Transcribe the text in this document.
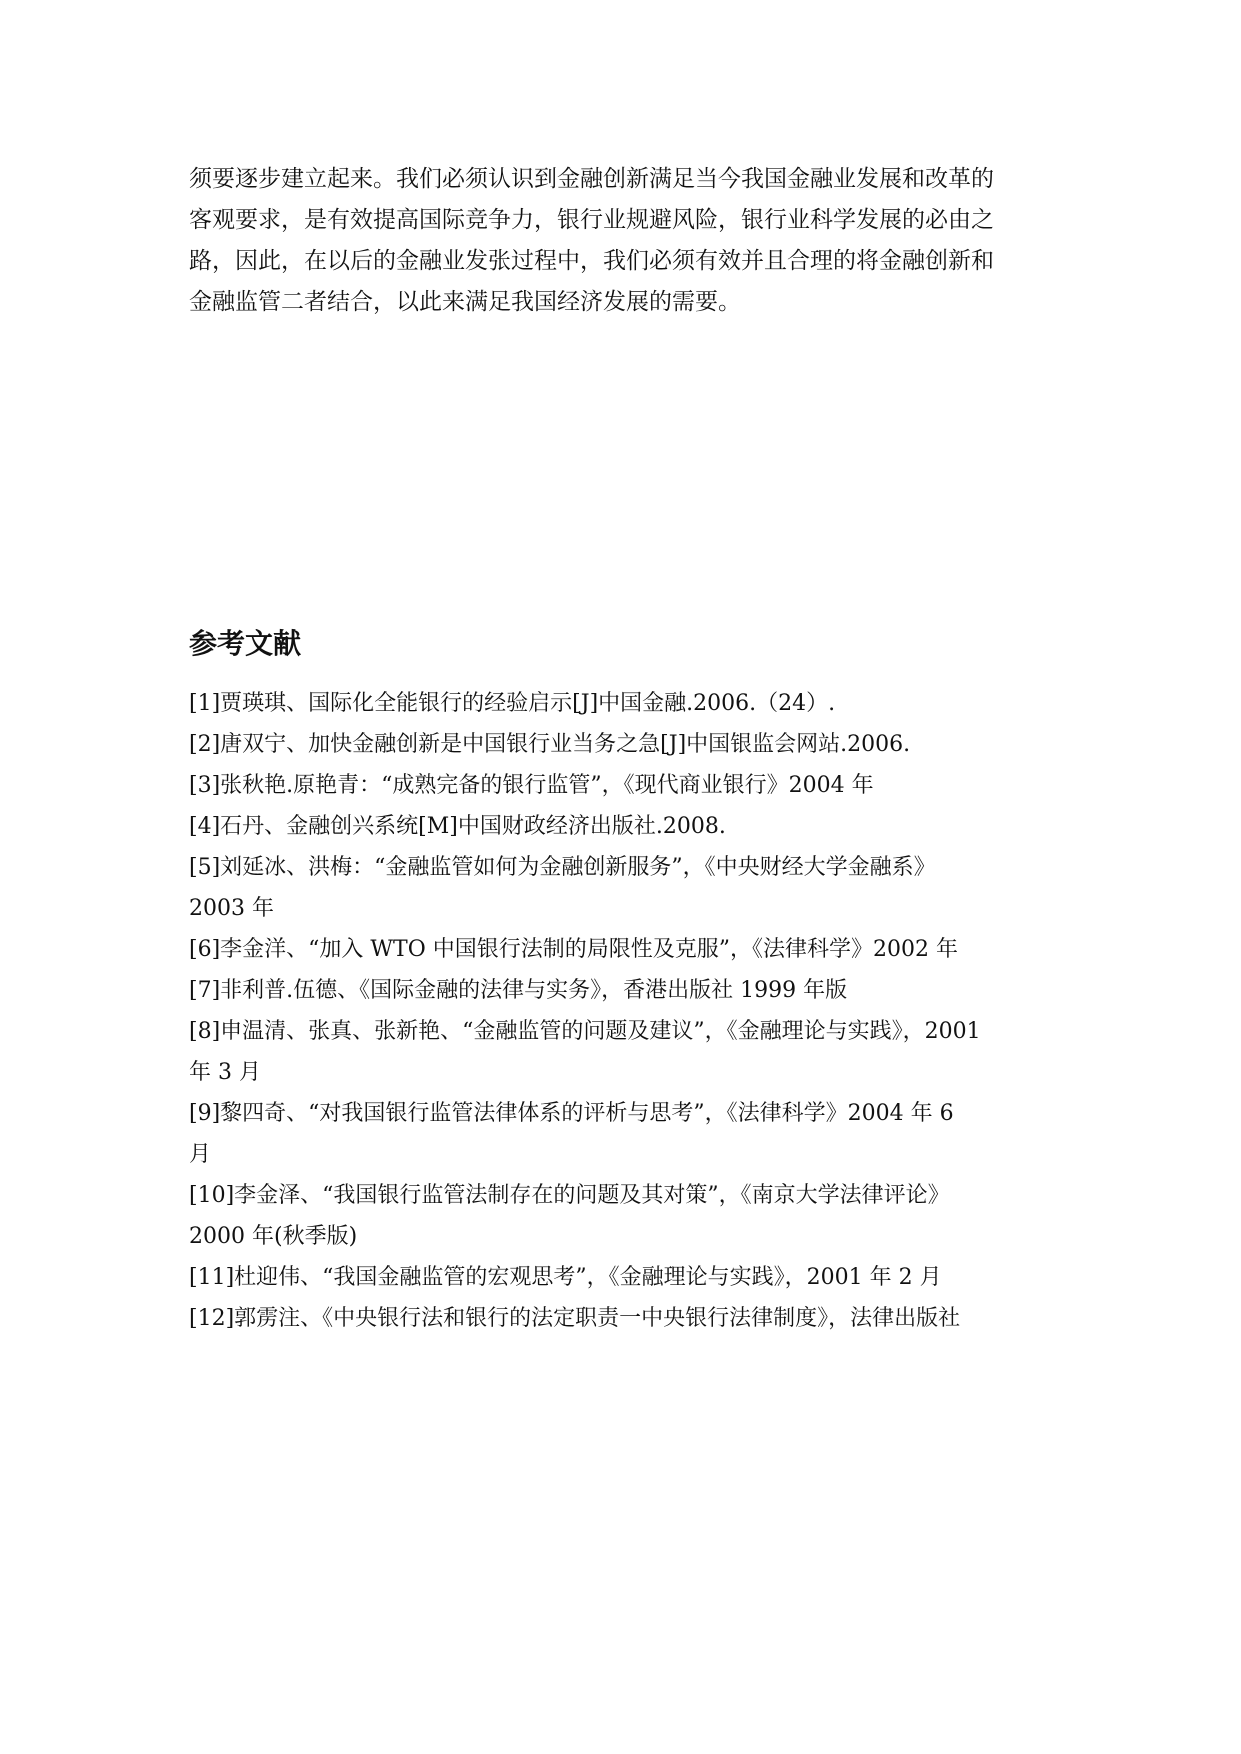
须要逐步建立起来。我们必须认识到金融创新满足当今我国金融业发展和改革的
客观要求，是有效提高国际竞争力，银行业规避风险，银行业科学发展的必由之
路，因此，在以后的金融业发张过程中，我们必须有效并且合理的将金融创新和
金融监管二者结合，以此来满足我国经济发展的需要。

参考文献
[1]贾瑛琪、国际化全能银行的经验启示[J]中国金融.2006.（24）.
[2]唐双宁、加快金融创新是中国银行业当务之急[J]中国银监会网站.2006.
[3]张秋艳.原艳青：“成熟完备的银行监管”，《现代商业银行》2004 年
[4]石丹、金融创兴系统[M]中国财政经济出版社.2008.
[5]刘延冰、洪梅：“金融监管如何为金融创新服务”，《中央财经大学金融系》
2003 年
[6]李金洋、“加入 WTO 中国银行法制的局限性及克服”，《法律科学》2002 年
[7]非利普.伍德、《国际金融的法律与实务》，香港出版社 1999 年版
[8]申温清、张真、张新艳、“金融监管的问题及建议”，《金融理论与实践》，2001
年 3 月
[9]黎四奇、“对我国银行监管法律体系的评析与思考”，《法律科学》2004 年 6
月
[10]李金泽、“我国银行监管法制存在的问题及其对策”，《南京大学法律评论》
2000 年(秋季版)
[11]杜迎伟、“我国金融监管的宏观思考”，《金融理论与实践》，2001 年 2 月
[12]郭雳注、《中央银行法和银行的法定职责一中央银行法律制度》，法律出版社
